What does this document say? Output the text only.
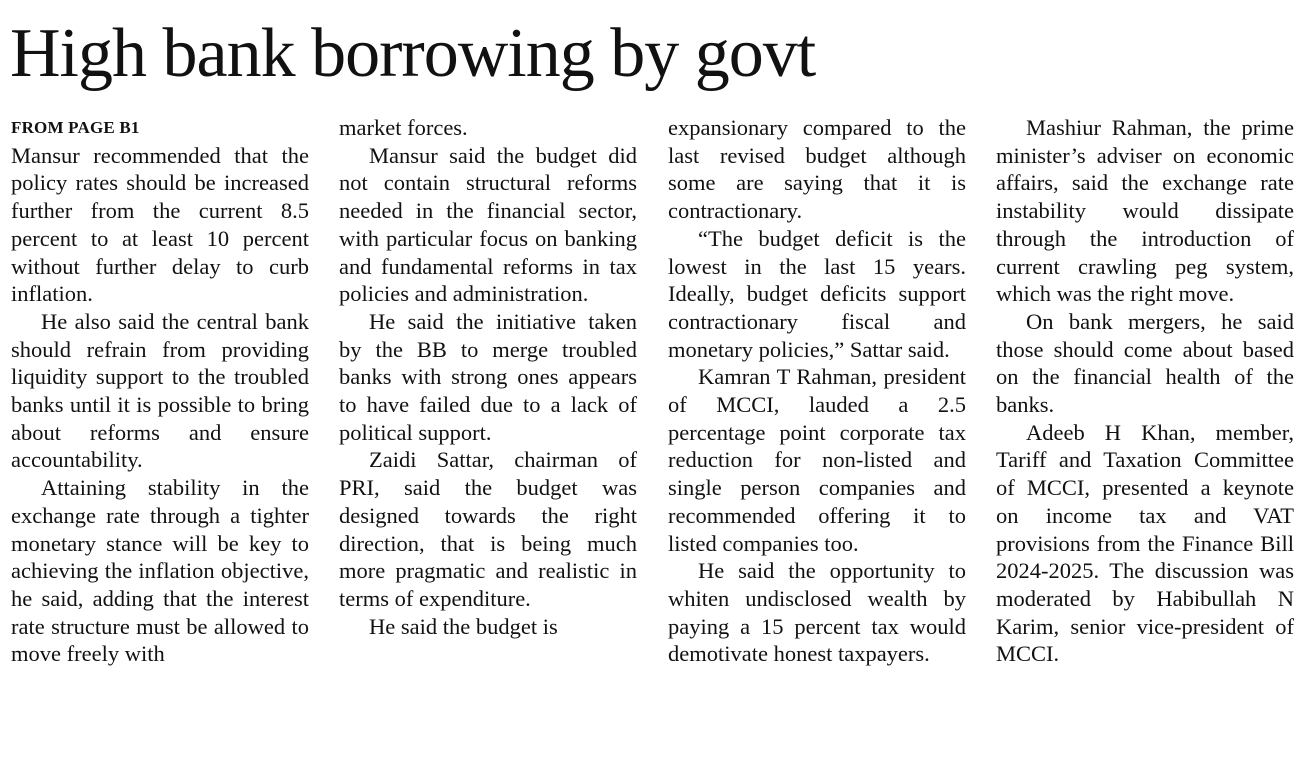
High bank borrowing by govt
FROM PAGE B1

Mansur recommended that the policy rates should be increased further from the current 8.5 percent to at least 10 percent without further delay to curb inflation.

He also said the central bank should refrain from providing liquidity support to the troubled banks until it is possible to bring about reforms and ensure accountability.

Attaining stability in the exchange rate through a tighter monetary stance will be key to achieving the inflation objective, he said, adding that the interest rate structure must be allowed to move freely with

market forces.

Mansur said the budget did not contain structural reforms needed in the financial sector, with particular focus on banking and fundamental reforms in tax policies and administration.

He said the initiative taken by the BB to merge troubled banks with strong ones appears to have failed due to a lack of political support.

Zaidi Sattar, chairman of PRI, said the budget was designed towards the right direction, that is being much more pragmatic and realistic in terms of expenditure.

He said the budget is

expansionary compared to the last revised budget although some are saying that it is contractionary.

“The budget deficit is the lowest in the last 15 years. Ideally, budget deficits support contractionary fiscal and monetary policies,” Sattar said.

Kamran T Rahman, president of MCCI, lauded a 2.5 percentage point corporate tax reduction for non-listed and single person companies and recommended offering it to listed companies too.

He said the opportunity to whiten undisclosed wealth by paying a 15 percent tax would demotivate honest taxpayers.

Mashiur Rahman, the prime minister’s adviser on economic affairs, said the exchange rate instability would dissipate through the introduction of current crawling peg system, which was the right move.

On bank mergers, he said those should come about based on the financial health of the banks.

Adeeb H Khan, member, Tariff and Taxation Committee of MCCI, presented a keynote on income tax and VAT provisions from the Finance Bill 2024-2025. The discussion was moderated by Habibullah N Karim, senior vice-president of MCCI.
